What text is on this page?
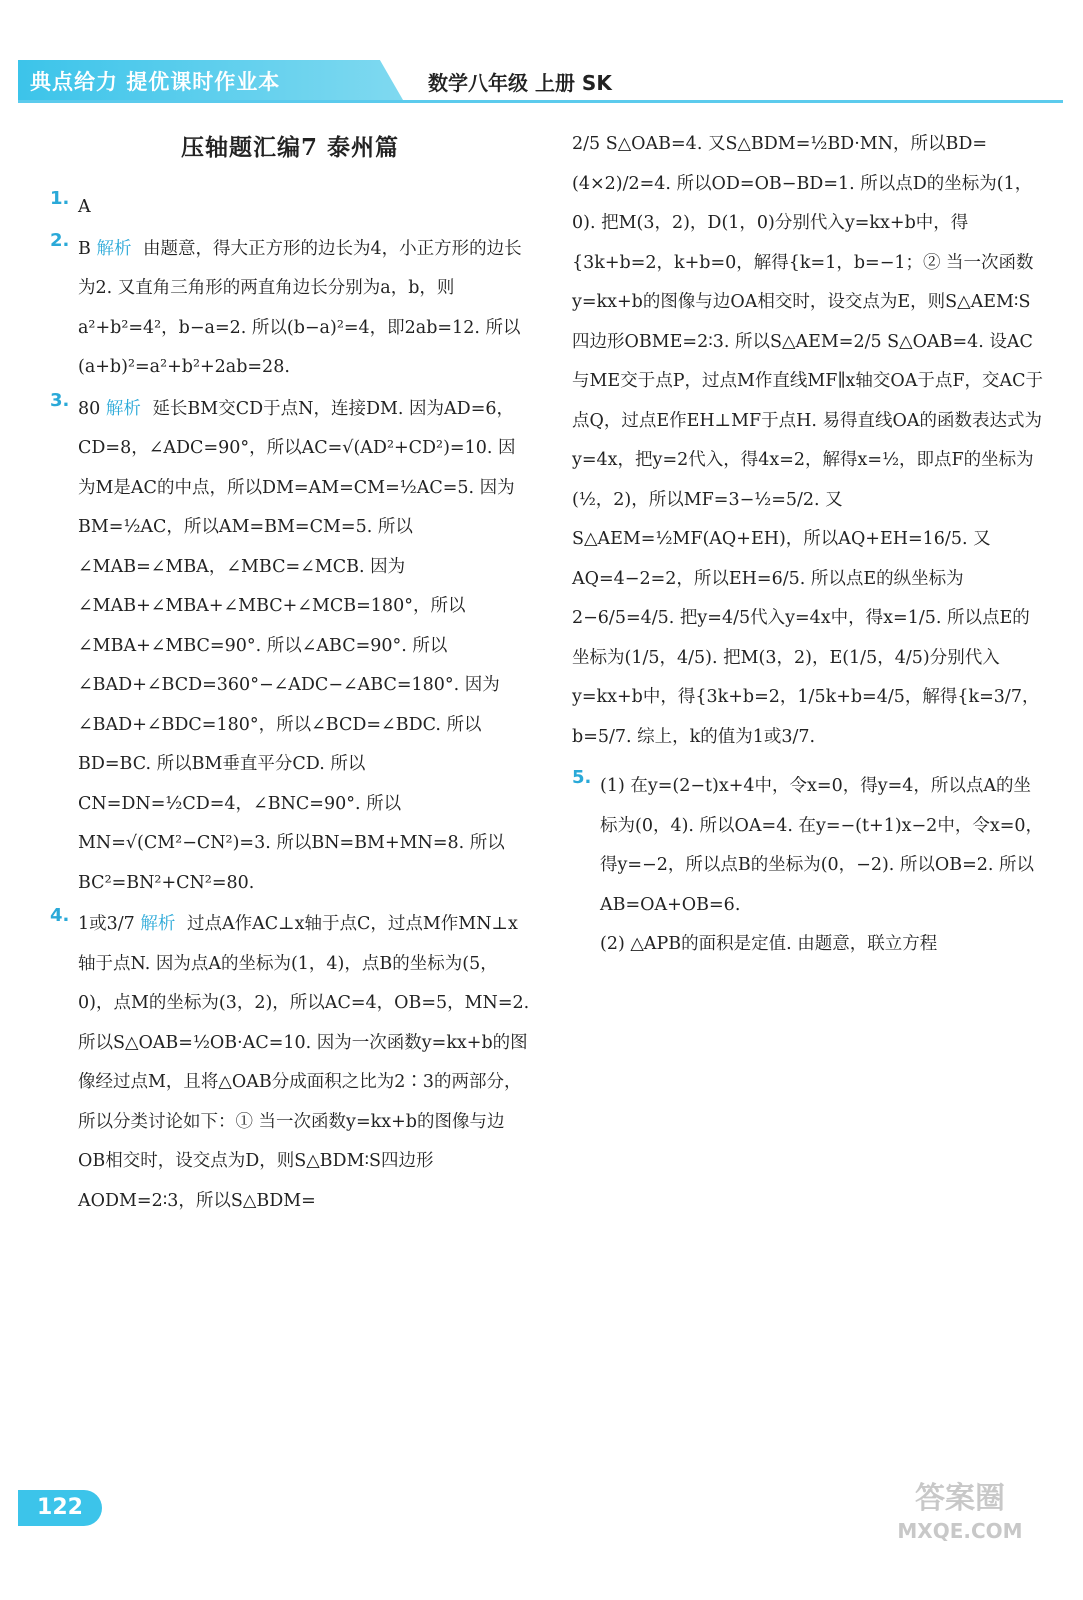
典点给力 提优课时作业本	数学八年级 上册 SK
压轴题汇编7 泰州篇
1. A
2. B 解析 由题意，得大正方形的边长为4，小正方形的边长为2. 又直角三角形的两直角边长分别为a，b，则a²+b²=4²，b−a=2. 所以(b−a)²=4，即2ab=12. 所以(a+b)²=a²+b²+2ab=28.
3. 80 解析 延长BM交CD于点N，连接DM. 因为AD=6，CD=8，∠ADC=90°，所以AC=√(AD²+CD²)=10. 因为M是AC的中点，所以DM=AM=CM=½AC=5. 因为BM=½AC，所以AM=BM=CM=5. 所以∠MAB=∠MBA，∠MBC=∠MCB. 因为∠MAB+∠MBA+∠MBC+∠MCB=180°，所以∠MBA+∠MBC=90°. 所以∠ABC=90°. 所以∠BAD+∠BCD=360°−∠ADC−∠ABC=180°. 因为∠BAD+∠BDC=180°，所以∠BCD=∠BDC. 所以BD=BC. 所以BM垂直平分CD. 所以CN=DN=½CD=4，∠BNC=90°. 所以MN=√(CM²−CN²)=3. 所以BN=BM+MN=8. 所以BC²=BN²+CN²=80.
4. 1或3/7 解析 过点A作AC⊥x轴于点C，过点M作MN⊥x轴于点N. 因为点A的坐标为(1，4)，点B的坐标为(5，0)，点M的坐标为(3，2)，所以AC=4，OB=5，MN=2. 所以S△OAB=½OB·AC=10. 因为一次函数y=kx+b的图像经过点M，且将△OAB分成面积之比为2∶3的两部分，所以分类讨论如下：① 当一次函数y=kx+b的图像与边OB相交时，设交点为D，则S△BDM∶S四边形AODM=2∶3，所以S△BDM=
2/5 S△OAB=4. 又S△BDM=½BD·MN，所以BD=(4×2)/2=4. 所以OD=OB−BD=1. 所以点D的坐标为(1，0). 把M(3，2)，D(1，0)分别代入y=kx+b中，得{3k+b=2，k+b=0，解得{k=1，b=−1；② 当一次函数y=kx+b的图像与边OA相交时，设交点为E，则S△AEM∶S四边形OBME=2∶3. 所以S△AEM=2/5 S△OAB=4. 设AC与ME交于点P，过点M作直线MF∥x轴交OA于点F，交AC于点Q，过点E作EH⊥MF于点H. 易得直线OA的函数表达式为y=4x，把y=2代入，得4x=2，解得x=½，即点F的坐标为(½，2)，所以MF=3−½=5/2. 又S△AEM=½MF(AQ+EH)，所以AQ+EH=16/5. 又AQ=4−2=2，所以EH=6/5. 所以点E的纵坐标为2−6/5=4/5. 把y=4/5代入y=4x中，得x=1/5. 所以点E的坐标为(1/5，4/5). 把M(3，2)，E(1/5，4/5)分别代入y=kx+b中，得{3k+b=2，1/5k+b=4/5，解得{k=3/7，b=5/7. 综上，k的值为1或3/7.
5. (1) 在y=(2−t)x+4中，令x=0，得y=4，所以点A的坐标为(0，4). 所以OA=4. 在y=−(t+1)x−2中，令x=0，得y=−2，所以点B的坐标为(0，−2). 所以OB=2. 所以AB=OA+OB=6.
(2) △APB的面积是定值. 由题意，联立方程
122	答案圈
MXQE.COM
